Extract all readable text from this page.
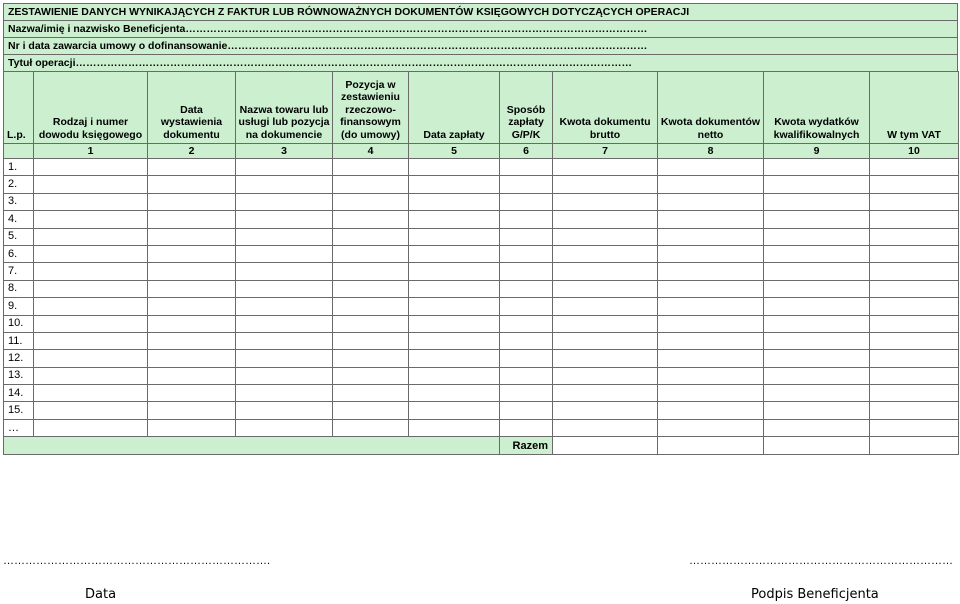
ZESTAWIENIE DANYCH WYNIKAJĄCYCH Z FAKTUR LUB RÓWNOWAŻNYCH DOKUMENTÓW KSIĘGOWYCH DOTYCZĄCYCH OPERACJI
Nazwa/imię i nazwisko Beneficjenta……………………………………………………………………………………………………………………
Nr i data zawarcia umowy o dofinansowanie…………………………………………………………………………………………………………
Tytuł operacji……………………………………………………………………………………………………………………………………………
L.p.	Rodzaj i numer dowodu księgowego	Data wystawienia dokumentu	Nazwa towaru lub usługi lub pozycja na dokumencie	Pozycja w zestawieniu rzeczowo-finansowym (do umowy)	Data zapłaty	Sposób zapłaty G/P/K	Kwota dokumentu brutto	Kwota dokumentów netto	Kwota wydatków kwalifikowalnych	W tym VAT
	1	2	3	4	5	6	7	8	9	10
1.										
2.										
3.										
4.										
5.										
6.										
7.										
8.										
9.										
10.										
11.										
12.										
13.										
14.										
15.										
…										
						Razem				
……………………………………………………………….	………………………………………………………………
Data	Podpis Beneficjenta
